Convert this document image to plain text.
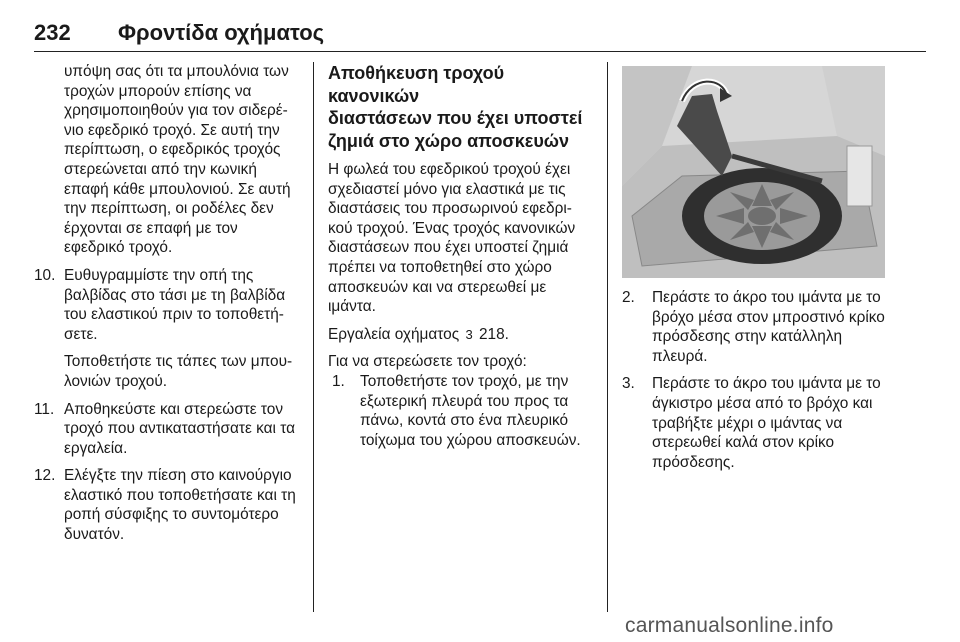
232 Φροντίδα οχήματος

υπόψη σας ότι τα μπουλόνια των

τροχών μπορούν επίσης να

χρησιμοποιηθούν για τον σιδερέ‐

νιο εφεδρικό τροχό. Σε αυτή την

περίπτωση, ο εφεδρικός τροχός

στερεώνεται από την κωνική

επαφή κάθε μπουλονιού. Σε αυτή

την περίπτωση, οι ροδέλες δεν

έρχονται σε επαφή με τον

εφεδρικό τροχό.

10. Ευθυγραμμίστε την οπή της

βαλβίδας στο τάσι με τη βαλβίδα

του ελαστικού πριν το τοποθετή‐

σετε.

Τοποθετήστε τις τάπες των μπου‐

λονιών τροχού.

11. Αποθηκεύστε και στερεώστε τον

τροχό που αντικαταστήσατε και τα

εργαλεία.

12. Ελέγξτε την πίεση στο καινούργιο

ελαστικό που τοποθετήσατε και τη

ροπή σύσφιξης το συντομότερο

δυνατόν.

Αποθήκευση τροχού κανονικών

διαστάσεων που έχει υποστεί

ζημιά στο χώρο αποσκευών

Η φωλεά του εφεδρικού τροχού έχει

σχεδιαστεί μόνο για ελαστικά με τις

διαστάσεις του προσωρινού εφεδρι‐

κού τροχού. Ένας τροχός κανονικών

διαστάσεων που έχει υποστεί ζημιά

πρέπει να τοποθετηθεί στο χώρο

αποσκευών και να στερεωθεί με

ιμάντα.

Εργαλεία οχήματος 3 218.

Για να στερεώσετε τον τροχό:

1. Τοποθετήστε τον τροχό, με την

εξωτερική πλευρά του προς τα

πάνω, κοντά στο ένα πλευρικό

τοίχωμα του χώρου αποσκευών.

2.	Περάστε το άκρο του ιμάντα με το

βρόχο μέσα στον μπροστινό κρίκο

πρόσδεσης στην κατάλληλη

πλευρά.

3.	Περάστε το άκρο του ιμάντα με το

άγκιστρο μέσα από το βρόχο και

τραβήξτε μέχρι ο ιμάντας να

στερεωθεί καλά στον κρίκο

πρόσδεσης.

carmanualsonline.info
